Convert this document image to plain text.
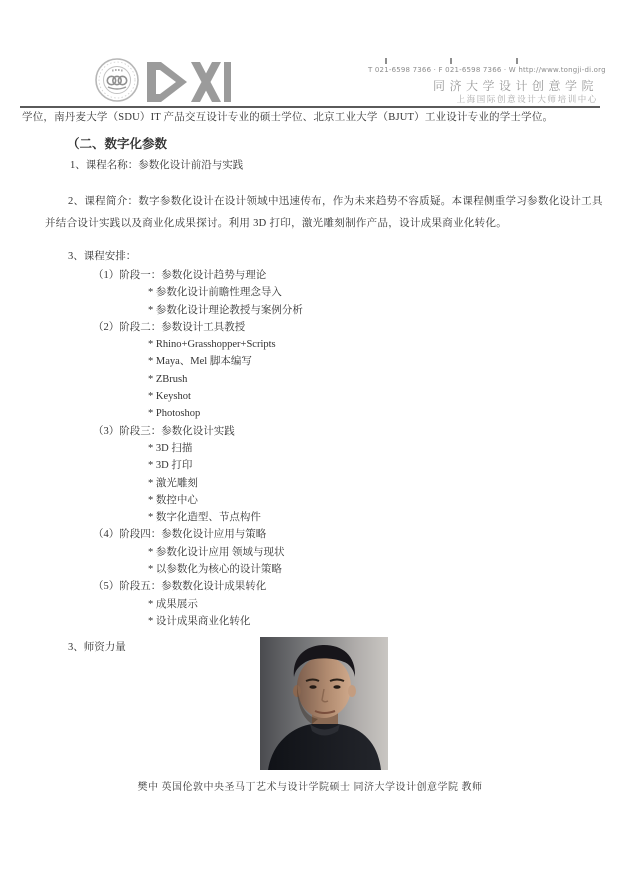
T 021-6598 7366 · F 021-6598 7366 · W http://www.tongji-di.org
同济大学设计创意学院
上海国际创意设计大师培训中心

学位，南丹麦大学（SDU）IT 产品交互设计专业的硕士学位、北京工业大学（BJUT）工业设计专业的学士学位。

（二、数字化参数

1、课程名称：参数化设计前沿与实践

2、课程简介：数字参数化设计在设计领域中迅速传布，作为未来趋势不容质疑。本课程侧重学习参数化设计工具并结合设计实践以及商业化成果探讨。利用 3D 打印，激光雕刻制作产品，设计成果商业化转化。

3、课程安排：

（1）阶段一：参数化设计趋势与理论
* 参数化设计前瞻性理念导入
* 参数化设计理论教授与案例分析
（2）阶段二：参数设计工具教授
* Rhino+Grasshopper+Scripts
* Maya、Mel 脚本编写
* ZBrush
* Keyshot
* Photoshop
（3）阶段三：参数化设计实践
* 3D 扫描
* 3D 打印
* 激光雕刻
* 数控中心
* 数字化造型、节点构件
（4）阶段四：参数化设计应用与策略
* 参数化设计应用 领域与现状
* 以参数化为核心的设计策略
（5）阶段五：参数数化设计成果转化
* 成果展示
* 设计成果商业化转化

3、师资力量

樊中 英国伦敦中央圣马丁艺术与设计学院硕士 同济大学设计创意学院 教师
